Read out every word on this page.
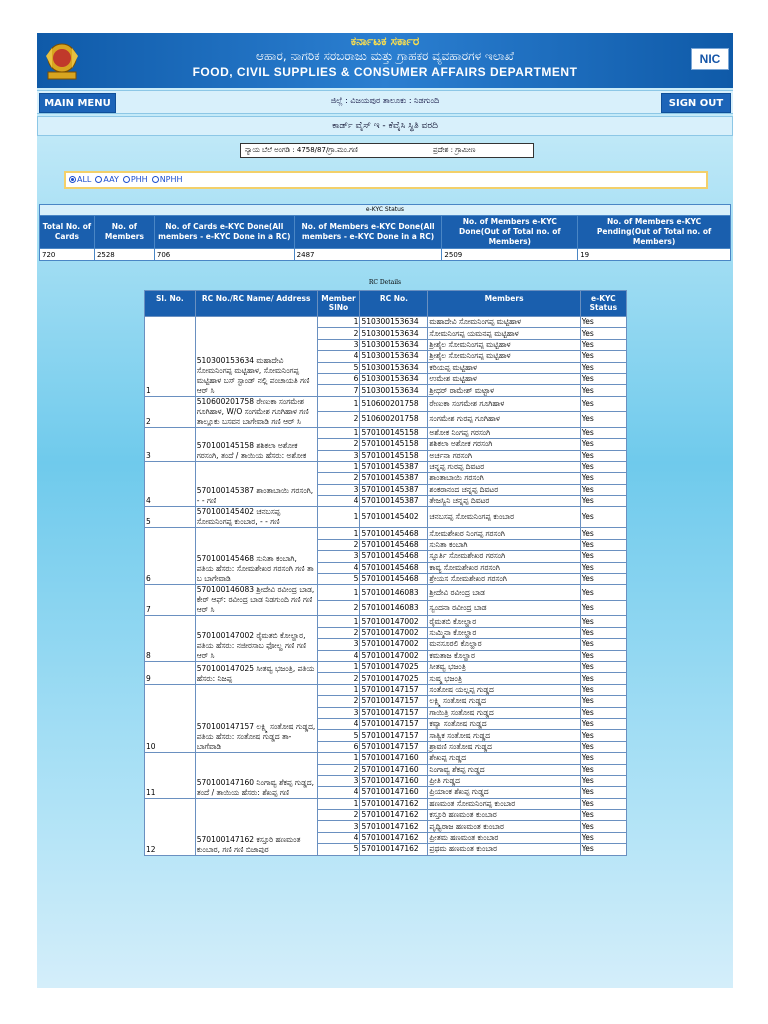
ಕರ್ನಾಟಕ ಸರ್ಕಾರ
ಆಹಾರ, ನಾಗರಿಕ ಸರಬರಾಜು ಮತ್ತು ಗ್ರಾಹಕರ ವ್ಯವಹಾರಗಳ ಇಲಾಖೆ
FOOD, CIVIL SUPPLIES & CONSUMER AFFAIRS DEPARTMENT
NIC
MAIN MENU	ಜಿಲ್ಲೆ : ವಿಜಯಪುರ ತಾಲೂಕು : ನಿಡಗುಂದಿ	SIGN OUT
ಕಾರ್ಡ್ ವೈಸ್ ಇ - ಕೆವೈಸಿ ಸ್ಥಿತಿ ವರದಿ
ನ್ಯಾಯ ಬೆಲೆ ಅಂಗಡಿ : 4758/87/ಗ್ರಾ.ಮಂ.ಗಣಿ	ಪ್ರದೇಶ : ಗ್ರಾಮೀಣ
ALL AAY PHH NPHH
e-KYC Status					
Total No. of Cards	No. of Members	No. of Cards e-KYC Done(All members - e-KYC Done in a RC)	No. of Members e-KYC Done(All members - e-KYC Done in a RC)	No. of Members e-KYC Done(Out of Total no. of Members)	No. of Members e-KYC Pending(Out of Total no. of Members)
720	2528	706	2487	2509	19
RC Details
Sl. No.	RC No./RC Name/ Address	Member SlNo	RC No.	Members	e-KYC Status
1	510300153634 ಮಹಾದೇವಿ ಸೋಮನಿಂಗಪ್ಪ ಮಟ್ಟಿಹಾಳ, ಸೋಮನಿಂಗಪ್ಪ ಮಟ್ಟಿಹಾಳ ಬಸ್ ಸ್ಟಾಂಡ್ ನಲ್ಲಿ ಪಂಚಾಯತಿ ಗಣಿ ಆರ್ ಸಿ	1	510300153634	ಮಹಾದೇವಿ ಸೋಮನಿಂಗಪ್ಪ ಮಟ್ಟಿಹಾಳ	Yes
		2	510300153634	ಸೋಮನಿಂಗಪ್ಪ ಯಮನಪ್ಪ ಮಟ್ಟಿಹಾಳ	Yes
		3	510300153634	ಶ್ರೀಶೈಲ ಸೋಮನಿಂಗಪ್ಪ ಮಟ್ಟಿಹಾಳ	Yes
		4	510300153634	ಶ್ರೀಶೈಲ ಸೋಮನಿಂಗಪ್ಪ ಮಟ್ಟಿಹಾಳ	Yes
		5	510300153634	ಕರಿಯಪ್ಪ ಮಟ್ಟಿಹಾಳ	Yes
		6	510300153634	ಉಮೇಶ ಮಟ್ಟಿಹಾಳ	Yes
		7	510300153634	ಶ್ರೀಧರ್ ರಾಮೇಶ್ ಮಟ್ಟಾಳ	Yes
2	510600201758 ರೇಣುಕಾ ಸಂಗಮೇಶ ಗೂಗಿಹಾಳ, W/O ಸಂಗಮೇಶ ಗೂಗಿಹಾಳ ಗಣಿ ತಾಲ್ಲೂಕು ಬಸವನ ಬಾಗೇವಾಡಿ ಗಣಿ ಆರ್ ಸಿ	1	510600201758	ರೇಣುಕಾ ಸಂಗಮೇಶ ಗೂಗಿಹಾಳ	Yes
		2	510600201758	ಸಂಗಮೇಶ ಗುರಪ್ಪ ಗೂಗಿಹಾಳ	Yes
3	570100145158 ಶಶಿಕಲಾ ಅಶೋಕ ಗರಸಂಗಿ, ತಂದೆ / ತಾಯಿಯ ಹೆಸರು: ಅಶೋಕ	1	570100145158	ಅಶೋಕ ನಿಂಗಪ್ಪ ಗರಸಂಗಿ	Yes
		2	570100145158	ಶಶಿಕಲಾ ಅಶೋಕ ಗರಸಂಗಿ	Yes
		3	570100145158	ಅರ್ಚನಾ ಗರಸಂಗಿ	Yes
4	570100145387 ಶಾಂತಾಬಾಯಿ ಗರಸಂಗಿ, - - ಗಣಿ	1	570100145387	ಚನ್ನಪ್ಪ ಗುರಪ್ಪ ದಿವಟರ	Yes
		2	570100145387	ಶಾಂತಾಬಾಯಿ ಗರಸಂಗಿ	Yes
		3	570100145387	ಶಂಕರಾನಂದ ಚನ್ನಪ್ಪ ದಿವಟರ	Yes
		4	570100145387	ತೇಜಸ್ವಿನಿ ಚನ್ನಪ್ಪ ದಿವಟರ	Yes
5	570100145402 ಚನಬಸಪ್ಪ ಸೋಮನಿಂಗಪ್ಪ ಕುಂಬಾರ, - - ಗಣಿ	1	570100145402	ಚನಬಸಪ್ಪ ಸೋಮನಿಂಗಪ್ಪ ಕುಂಬಾರ	Yes
6	570100145468 ಸುನಿತಾ ಕಂಬಾಗಿ, ಪತಿಯ ಹೆಸರು: ಸೋಮಶೇಖರ ಗರಸಂಗಿ ಗಣಿ ತಾ ಬ ಬಾಗೇವಾಡಿ	1	570100145468	ಸೋಮಶೇಖರ ನಿಂಗಪ್ಪ ಗರಸಂಗಿ	Yes
		2	570100145468	ಸುನಿತಾ ಕಂಬಾಗಿ	Yes
		3	570100145468	ಸ್ಫೂರ್ತಿ ಸೋಮಶೇಖರ ಗರಸಂಗಿ	Yes
		4	570100145468	ಕಾವ್ಯ ಸೋಮಶೇಖರ ಗರಸಂಗಿ	Yes
		5	570100145468	ಶ್ರೇಯಸ ಸೋಮಶೇಖರ ಗರಸಂಗಿ	Yes
7	570100146083 ಶ್ರೀದೇವಿ ರವೀಂದ್ರ ಬಾಡ, ಕೇರ್ ಆಫ್: ರವೀಂದ್ರ ಬಾಡ ನಿಡಗುಂದಿ ಗಣಿ ಗಣಿ ಆರ್ ಸಿ	1	570100146083	ಶ್ರೀದೇವಿ ರವೀಂದ್ರ ಬಾಡ	Yes
		2	570100146083	ಸ್ವಂದನಾ ರವೀಂದ್ರ ಬಾಡ	Yes
8	570100147002 ರೈಮತಬಿ ಕೋಲ್ಹಾರ, ಪತಿಯ ಹೆಸರು: ನಜೀರಸಾಬ ಫೋಲ್ಹ ಗಣಿ ಗಣಿ ಆರ್ ಸಿ	1	570100147002	ರೈಮತಬಿ ಕೋಲ್ಹಾರ	Yes
		2	570100147002	ಸುಮ್ಮಿನಾ ಕೋಲ್ಹಾರ	Yes
		3	570100147002	ಮನಸೂರಲಿ ಕೊಲ್ಹಾರ	Yes
		4	570100147002	ಕಮತಾಜ ಕೊಲ್ಹಾರ	Yes
9	570100147025 ಸೀತವ್ವ ಭಜಂತ್ರಿ, ಪತಿಯ ಹೆಸರು: ನಿಜಪ್ಪ	1	570100147025	ಸೀತವ್ವ ಭಜಂತ್ರಿ	Yes
		2	570100147025	ಸುಷ್ಮ ಭಜಂತ್ರಿ	Yes
10	570100147157 ಲಕ್ಷ್ಮಿ ಸಂತೋಷ ಗುಡ್ಡದ, ಪತಿಯ ಹೆಸರು: ಸಂತೋಷ ಗುಡ್ಡದ ತಾ-ಬಾಗೆವಾಡಿ	1	570100147157	ಸಂತೋಷ ಯಲ್ಲಪ್ಪ ಗುಡ್ಡದ	Yes
		2	570100147157	ಲಕ್ಷ್ಮಿ ಸಂತೋಷ ಗುಡ್ಡದ	Yes
		3	570100147157	ಗಾಯಿತ್ರಿ ಸಂತೋಷ ಗುಡ್ಡದ	Yes
		4	570100147157	ಕವ್ಯಾ ಸಂತೋಷ ಗುಡ್ಡದ	Yes
		5	570100147157	ಸಾತ್ವಿಕ ಸಂತೋಷ ಗುಡ್ಡದ	Yes
		6	570100147157	ಶ್ರಾವಣಿ ಸಂತೋಷ ಗುಡ್ಡದ	Yes
11	570100147160 ನಿಂಗಾವ್ವ ಶೆಕಪ್ಪ ಗುಡ್ಡದ, ತಂದೆ / ತಾಯಿಯ ಹೆಸರು: ಶೆಖಪ್ಪ ಗಣಿ	1	570100147160	ಶೇಖಪ್ಪ ಗುಡ್ಡದ	Yes
		2	570100147160	ನಿಂಗಾವ್ವ ಶೆಕಪ್ಪ ಗುಡ್ಡದ	Yes
		3	570100147160	ಪ್ರೀತಿ ಗುಡ್ಡದ	Yes
		4	570100147160	ಪ್ರಿಯಾಂಕ ಶೆಖಪ್ಪ ಗುಡ್ಡದ	Yes
12	570100147162 ಕಸ್ತೂರಿ ಹಣಮಂತ ಕುಂಬಾರ, ಗಣಿ ಗಣಿ ಬಿಜಾಪುರ	1	570100147162	ಹಣಮಂತ ಸೋಮನಿಂಗಪ್ಪ ಕುಂಬಾರ	Yes
		2	570100147162	ಕಸ್ತೂರಿ ಹಣಮಂತ ಕುಂಬಾರ	Yes
		3	570100147162	ಪೃಥ್ವಿರಾಜ ಹಣಮಂತ ಕುಂಬಾರ	Yes
		4	570100147162	ಪ್ರೀತಮ ಹಣಮಂತ ಕುಂಬಾರ	Yes
		5	570100147162	ಪ್ರಥಮ ಹಣಮಂತ ಕುಂಬಾರ	Yes
